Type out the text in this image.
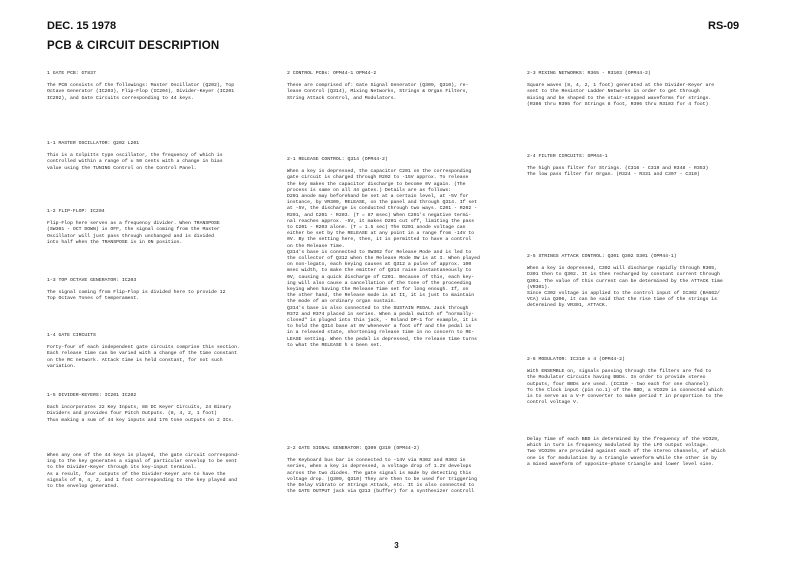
DEC. 15 1978	RS-09
PCB & CIRCUIT DESCRIPTION
1 GATE PCB: GT837
The PCB consists of the followings: Master Oscillator (Q202), Top
Octave Generator (IC203), Flip-Flop (IC204), Divider-Keyer (IC201
IC202), and Gate Circuits corresponding to 44 keys.
1-1 MASTER OSCILLATOR: Q202 L201
This is a Colpitts type oscillator, the frequency of which is
controlled within a range of ± 50 cents with a change in bias
value using the TUNING Control on the Control Panel.
1-2 FLIP-FLOP: IC204
Flip-Flop here serves as a frequency divider. When TRANSPOSE
(SW301 - OCT DOWN) is OFF, the signal coming from the Master
Oscillator will just pass through unchanged and is divided
into half when the TRANSPOSE is in ON position.
1-3 TOP OCTAVE GENERATOR: IC203
The signal coming from Flip-Flop is divided here to provide 12
Top Octave Tones of temperament.
1-4 GATE CIRCUITS
Forty-four of each independent gate circuits comprise this section.
Each release time can be varied with a change of the time constant
on the RC network. Attack time is held constant, for not such
variation.
1-5 DIVIDER-KEYERS: IC201 IC202
Each incorporates 22 Key Inputs, 88 DC Keyer Circuits, 24 Binary
Dividers and provides four Pitch Outputs. (8, 4, 2, 1 foot)
Thus making a sum of 44 key inputs and 176 tone outputs on 2 ICs.
When any one of the 44 keys is played, the gate circuit correspond-
ing to the key generates a signal of particular envelop to be sent
to the Divider-Keyer through its key-input terminal.
As a result, four outputs of the Divider-Keyer are to have the
signals of 8, 4, 2, and 1 foot corresponding to the key played and
to the envelop generated.
2 CONTROL PCBs: OPM44-1 OPM44-2
These are comprised of: Gate Signal Generator (Q309, Q310), re-
lease Control (Q314), Mixing Networks, Strings & Organ Filters,
String Attack Control, and Modulators.
2-1 RELEASE CONTROL: Q314 (OPM44-2)
When a key is depressed, the capacitor C201 on the corresponding
gate circuit is charged through R202 to -15V approx. To release
the key makes the capacitor discharge to become 0V again. (The
process is same on all 44 gates.) Details are as follows:
D201 anode may beforehand be set at a certain level, at -5V for
instance, by VR309, RELEASE, on the panel and through Q314. If set
at -5V, the discharge is conducted through two ways. C201 - R202 -
R201, and C201 - R203. (T = 87 msec) When C201's negative termi-
nal reaches approx. -5V, it makes D201 cut off, limiting the pass
to C201 - R203 alone. (T = 1.5 sec) The D201 anode voltage can
either be set by the RELEASE at any point in a range from -14V to
0V. By the setting here, then, it is permitted to have a control
on the Release Time.
Q314's base is connected to SW302 for Release Mode and is led to
the collector of Q312 when the Release Mode SW is at I. When played
on non-legato, each keying causes at Q312 a pulse of approx. 100
msec width, to make the emitter of Q314 raise instantaneously to
0V, causing a quick discharge of C201. Because of this, each key-
ing will also cause a cancellation of the tone of the proceeding
keying when having the Release Time set for long enough. If, on
the other hand, the Release mode is at II, it is just to maintain
the mode of an ordinary organ sustain.
Q314's base is also connected to the SUSTAIN PEDAL Jack through
R372 and R374 placed in series. When a pedal switch of "normally-
closed" is pluged into this jack, - Roland DP-1 for example, it is
to hold the Q314 base at 0V whenever a foot off and the pedal is
in a released state, shortening release time in no concern to RE-
LEASE setting. When the pedal is depressed, the release time turns
to what the RELEASE h s been set.
2-2 GATE SIGNAL GENERATOR: Q309 Q310 (OPM44-2)
The Keyboard bus bar is connected to -14V via R302 and R303 in
series, when a key is depressed, a voltage drop of 1.2V develops
across the two diodes. The gate signal is made by detecting this
voltage drop. (Q309, Q310) They are then to be used for triggering
the Delay Vibrato or Strings Attack, etc. It is also connected to
the GATE OUTPUT jack via Q313 (buffer) for a synthesizer controll
2-3 MIXING NETWORKS: R365 - R3103 (OPM44-2)
Square waves (8, 4, 2, 1 foot) generated at the Divider-Keyer are
sent to the Resistor Ladder Networks in order to get through
mixing and be shaped to the stair-stepped waveforms for strings.
(R386 thru R395 for Strings 8 foot, R396 thru R3103 for 4 foot)
2-4 FILTER CIRCUITS: OPM44-1
The high pass filter for Strings. (C316 - C319 and R348 - R353)
The low pass filter for Organ. (R324 - R331 and C307 - C310)
2-5 STRINGS ATTACK CONTROL: Q301 Q302 D301 (OPM44-1)
When a key is depressed, C302 will discharge rapidly through R305,
D301 then to Q302. It is then recharged by constant current through
Q301. The value of this current can be determined by the ATTACK time
(VR301).
Since C302 voltage is applied to the control input of IC302 (BA662/
VCA) via Q306, it can be said that the rise time of the strings is
determined by VR301, ATTACK.
2-6 MODULATOR: IC310 x 4 (OPM44-2)
With ENSEMBLE on, signals passing through the filters are fed to
the Modulator Circuits having BBDs. In order to provide stereo
outputs, four BBDs are used. (IC310 - two each for one channel)
To the Clock input (pin no.1) of the BBD, a VCO29 is connected which
is to serve as a V-F converter to make period T in proportion to the
control voltage V.
Delay Time of each BBD is determined by the frequency of the VCO29,
which in turn is frequency modulated by the LFO output voltage.
Two VCO29s are provided against each of the stereo channels, of which
one is for modulation by a triangle waveform while the other is by
a mixed waveform of opposite-phase triangle and lower level sine.
3
